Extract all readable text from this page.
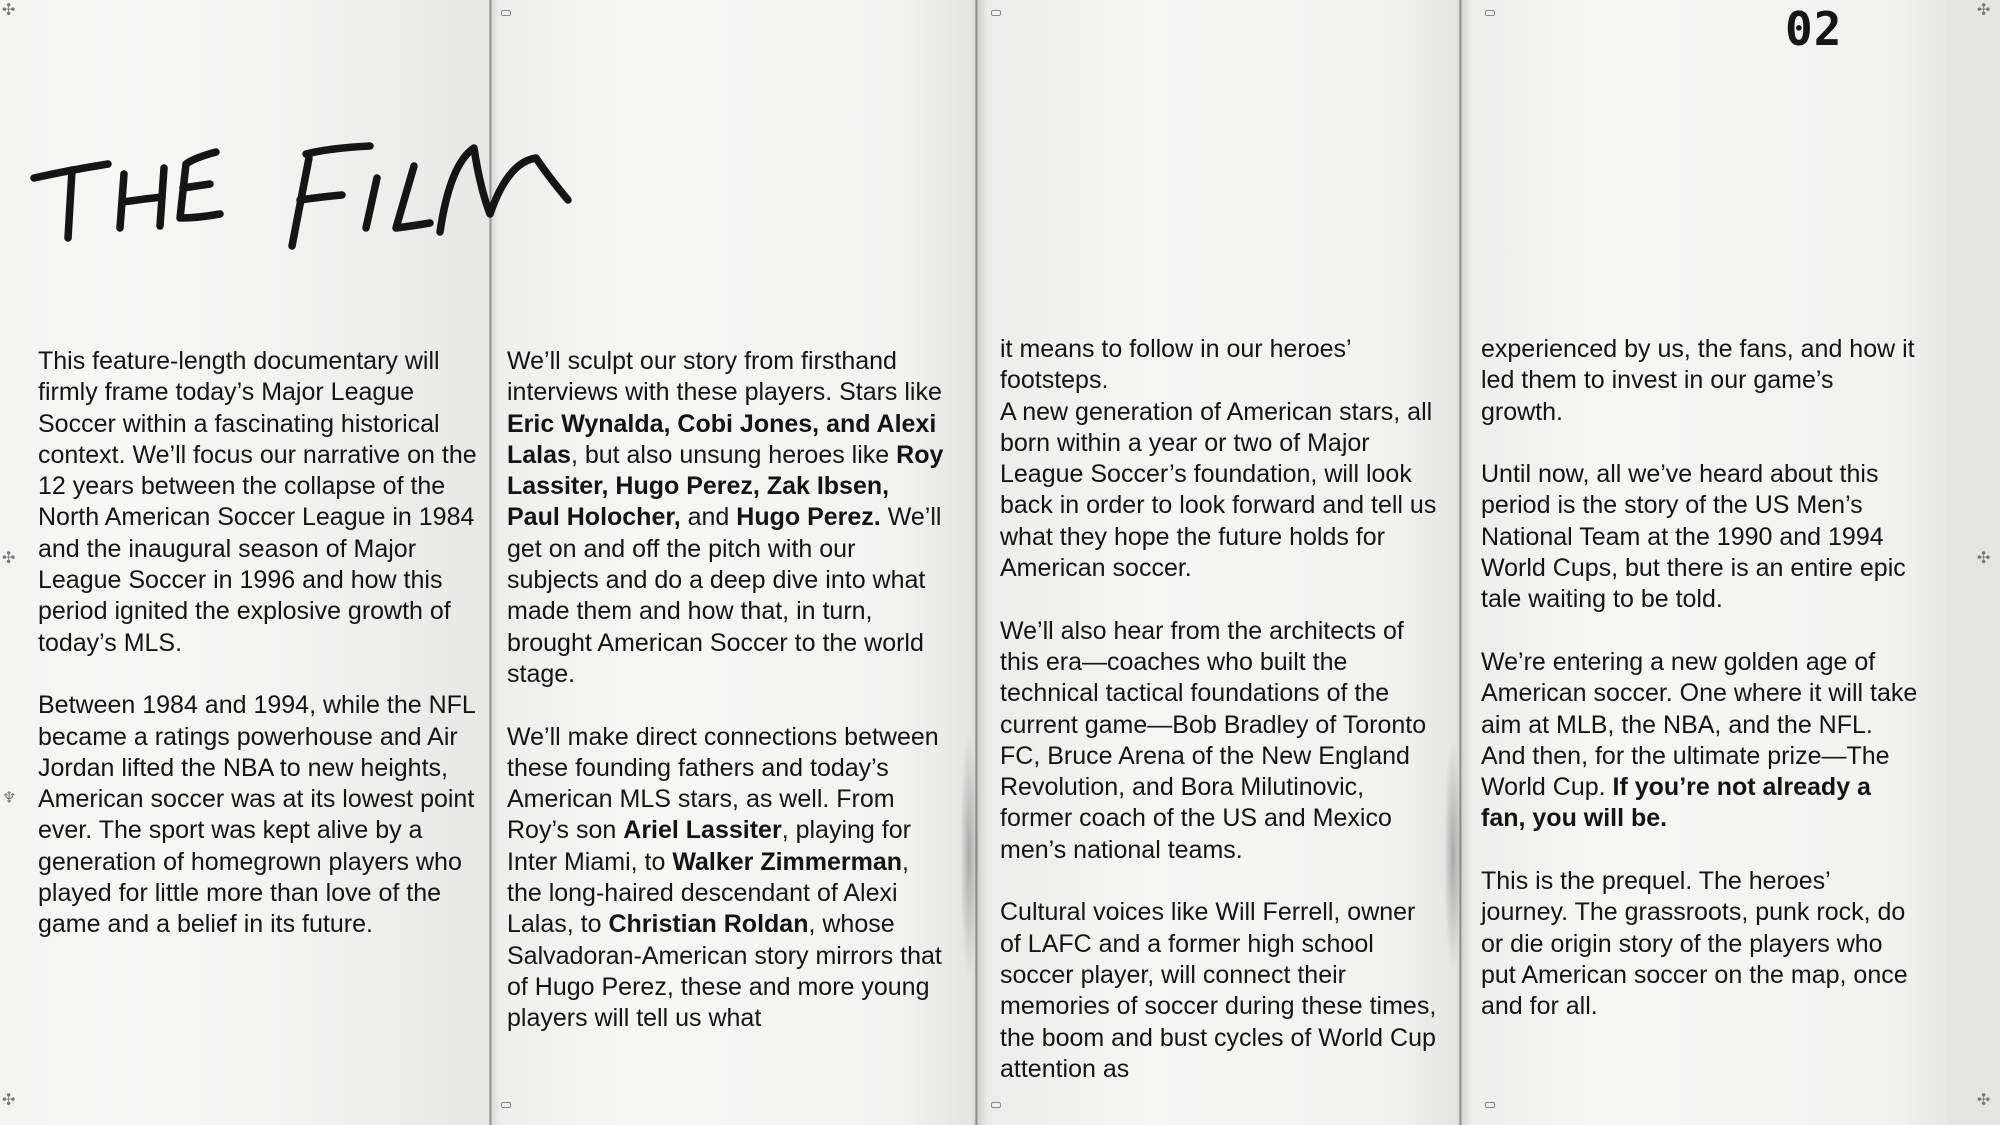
02

This feature-length documentary will firmly frame today’s Major League Soccer within a fascinating historical context. We’ll focus our narrative on the 12 years between the collapse of the North American Soccer League in 1984 and the inaugural season of Major League Soccer in 1996 and how this period ignited the explosive growth of today’s MLS.

Between 1984 and 1994, while the NFL became a ratings powerhouse and Air Jordan lifted the NBA to new heights, American soccer was at its lowest point ever. The sport was kept alive by a generation of homegrown players who played for little more than love of the game and a belief in its future.

We’ll sculpt our story from firsthand interviews with these players. Stars like Eric Wynalda, Cobi Jones, and Alexi Lalas, but also unsung heroes like Roy Lassiter, Hugo Perez, Zak Ibsen, Paul Holocher, and Hugo Perez. We’ll get on and off the pitch with our subjects and do a deep dive into what made them and how that, in turn, brought American Soccer to the world stage.

We’ll make direct connections between these founding fathers and today’s American MLS stars, as well. From Roy’s son Ariel Lassiter, playing for Inter Miami, to Walker Zimmerman, the long-haired descendant of Alexi Lalas, to Christian Roldan, whose Salvadoran-American story mirrors that of Hugo Perez, these and more young players will tell us what

it means to follow in our heroes’ footsteps.
A new generation of American stars, all born within a year or two of Major League Soccer’s foundation, will look back in order to look forward and tell us what they hope the future holds for American soccer.

We’ll also hear from the architects of this era—coaches who built the technical tactical foundations of the current game—Bob Bradley of Toronto FC, Bruce Arena of the New England Revolution, and Bora Milutinovic, former coach of the US and Mexico men’s national teams.

Cultural voices like Will Ferrell, owner of LAFC and a former high school soccer player, will connect their memories of soccer during these times, the boom and bust cycles of World Cup attention as

experienced by us, the fans, and how it led them to invest in our game’s growth.

Until now, all we’ve heard about this period is the story of the US Men’s National Team at the 1990 and 1994 World Cups, but there is an entire epic tale waiting to be told.

We’re entering a new golden age of American soccer. One where it will take aim at MLB, the NBA, and the NFL. And then, for the ultimate prize—The World Cup. If you’re not already a fan, you will be.

This is the prequel. The heroes’ journey. The grassroots, punk rock, do or die origin story of the players who put American soccer on the map, once and for all.

✣
✣
♆
✣
✣
✣
✣
